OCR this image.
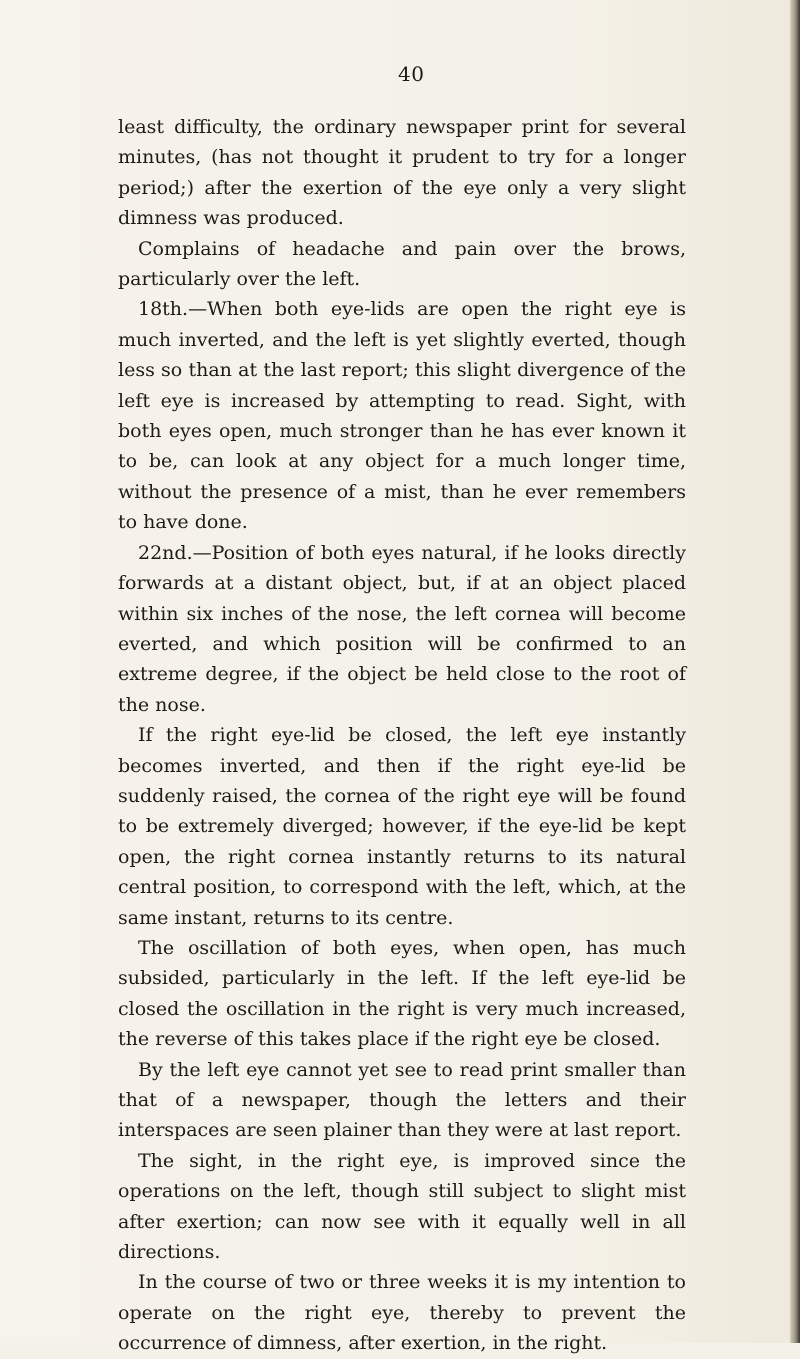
40

least difficulty, the ordinary newspaper print for several minutes, (has not thought it prudent to try for a longer period;) after the exertion of the eye only a very slight dimness was produced.

Complains of headache and pain over the brows, particularly over the left.

18th.—When both eye-lids are open the right eye is much inverted, and the left is yet slightly everted, though less so than at the last report; this slight divergence of the left eye is increased by attempting to read. Sight, with both eyes open, much stronger than he has ever known it to be, can look at any object for a much longer time, without the presence of a mist, than he ever remembers to have done.

22nd.—Position of both eyes natural, if he looks directly forwards at a distant object, but, if at an object placed within six inches of the nose, the left cornea will become everted, and which position will be confirmed to an extreme degree, if the object be held close to the root of the nose.

If the right eye-lid be closed, the left eye instantly becomes inverted, and then if the right eye-lid be suddenly raised, the cornea of the right eye will be found to be extremely diverged; however, if the eye-lid be kept open, the right cornea instantly returns to its natural central position, to correspond with the left, which, at the same instant, returns to its centre.

The oscillation of both eyes, when open, has much subsided, particularly in the left. If the left eye-lid be closed the oscillation in the right is very much increased, the reverse of this takes place if the right eye be closed.

By the left eye cannot yet see to read print smaller than that of a newspaper, though the letters and their interspaces are seen plainer than they were at last report.

The sight, in the right eye, is improved since the operations on the left, though still subject to slight mist after exertion; can now see with it equally well in all directions.

In the course of two or three weeks it is my intention to operate on the right eye, thereby to prevent the occurrence of dimness, after exertion, in the right.
